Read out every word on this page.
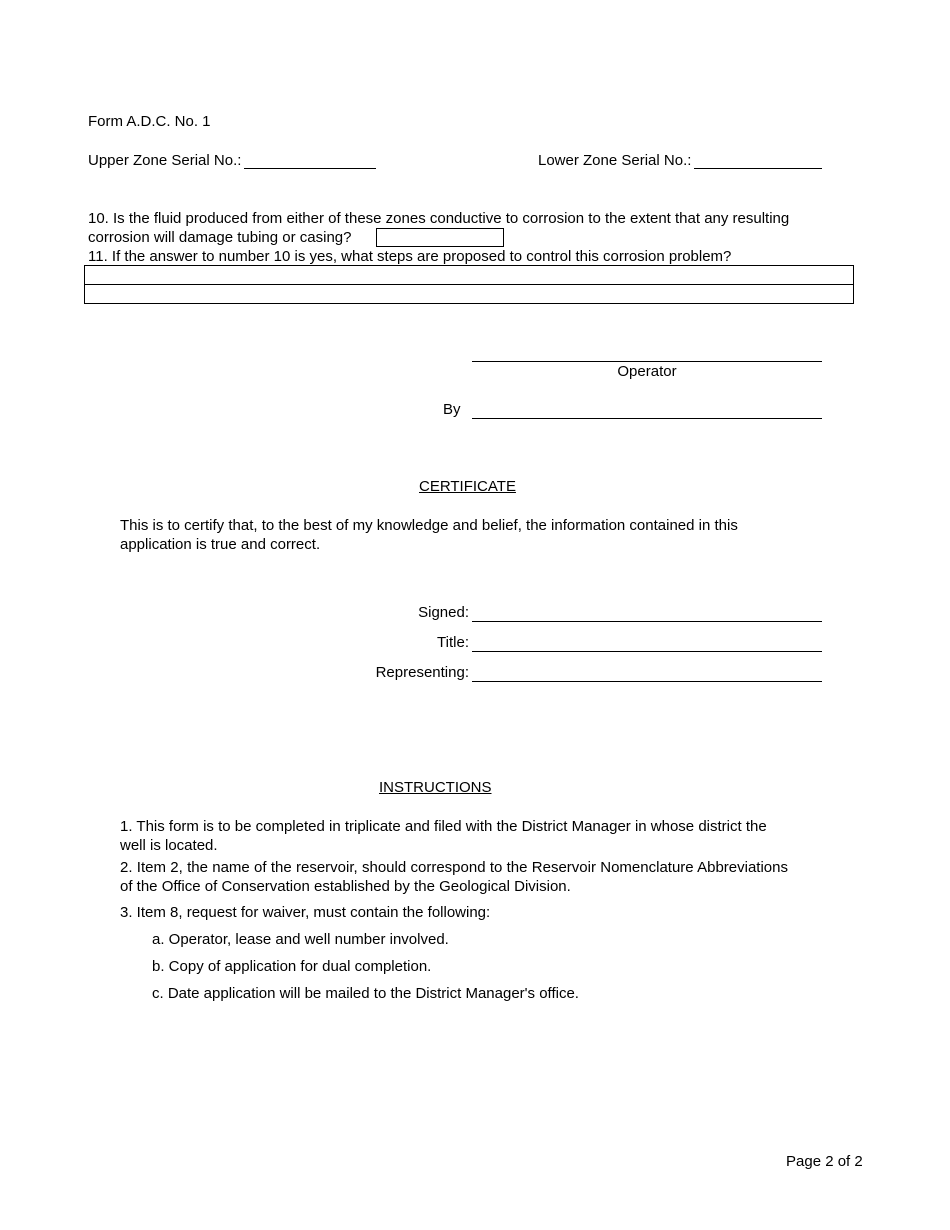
Form A.D.C. No. 1
Upper Zone Serial No.:	Lower Zone Serial No.:
10. Is the fluid produced from either of these zones conductive to corrosion to the extent that any resulting
corrosion will damage tubing or casing?
11. If the answer to number 10 is yes, what steps are proposed to control this corrosion problem?
Operator
By
CERTIFICATE
This is to certify that, to the best of my knowledge and belief, the information contained in this application is true and correct.
Signed:
Title:
Representing:
INSTRUCTIONS
1. This form is to be completed in triplicate and filed with the District Manager in whose district the well is located.
2. Item 2, the name of the reservoir, should correspond to the Reservoir Nomenclature Abbreviations of the Office of Conservation established by the Geological Division.
3. Item 8, request for waiver, must contain the following:
a. Operator, lease and well number involved.
b. Copy of application for dual completion.
c. Date application will be mailed to the District Manager's office.
Page 2 of 2
